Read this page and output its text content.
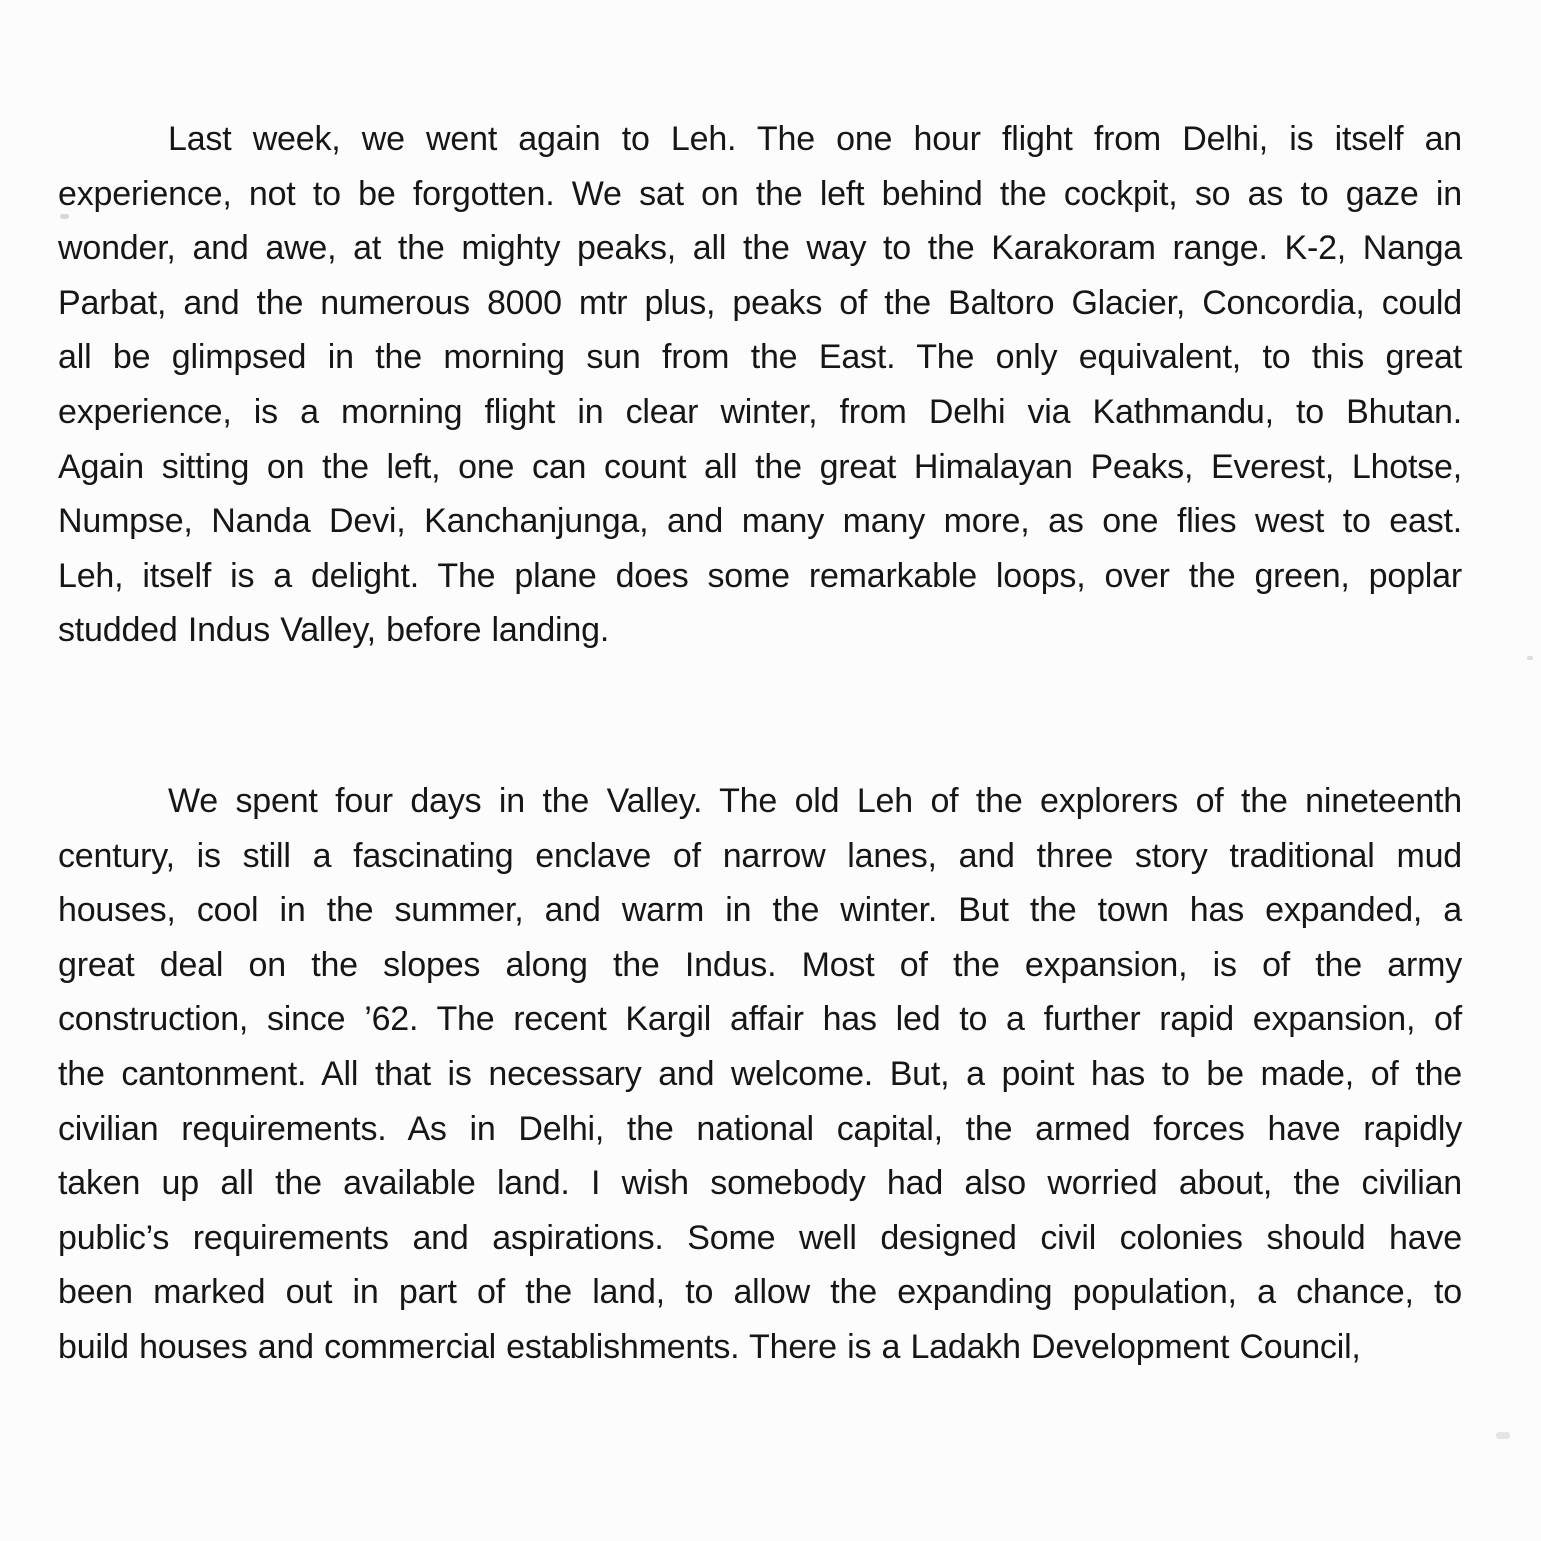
Last week, we went again to Leh. The one hour flight from Delhi, is itself an
experience, not to be forgotten. We sat on the left behind the cockpit, so as to gaze in
wonder, and awe, at the mighty peaks, all the way to the Karakoram range. K-2, Nanga
Parbat, and the numerous 8000 mtr plus, peaks of the Baltoro Glacier, Concordia, could
all be glimpsed in the morning sun from the East. The only equivalent, to this great
experience, is a morning flight in clear winter, from Delhi via Kathmandu, to Bhutan.
Again sitting on the left, one can count all the great Himalayan Peaks, Everest, Lhotse,
Numpse, Nanda Devi, Kanchanjunga, and many many more, as one flies west to east.
Leh, itself is a delight. The plane does some remarkable loops, over the green, poplar
studded Indus Valley, before landing.
We spent four days in the Valley. The old Leh of the explorers of the nineteenth
century, is still a fascinating enclave of narrow lanes, and three story traditional mud
houses, cool in the summer, and warm in the winter. But the town has expanded, a
great deal on the slopes along the Indus. Most of the expansion, is of the army
construction, since ’62. The recent Kargil affair has led to a further rapid expansion, of
the cantonment. All that is necessary and welcome. But, a point has to be made, of the
civilian requirements. As in Delhi, the national capital, the armed forces have rapidly
taken up all the available land. I wish somebody had also worried about, the civilian
public’s requirements and aspirations. Some well designed civil colonies should have
been marked out in part of the land, to allow the expanding population, a chance, to
build houses and commercial establishments. There is a Ladakh Development Council,
